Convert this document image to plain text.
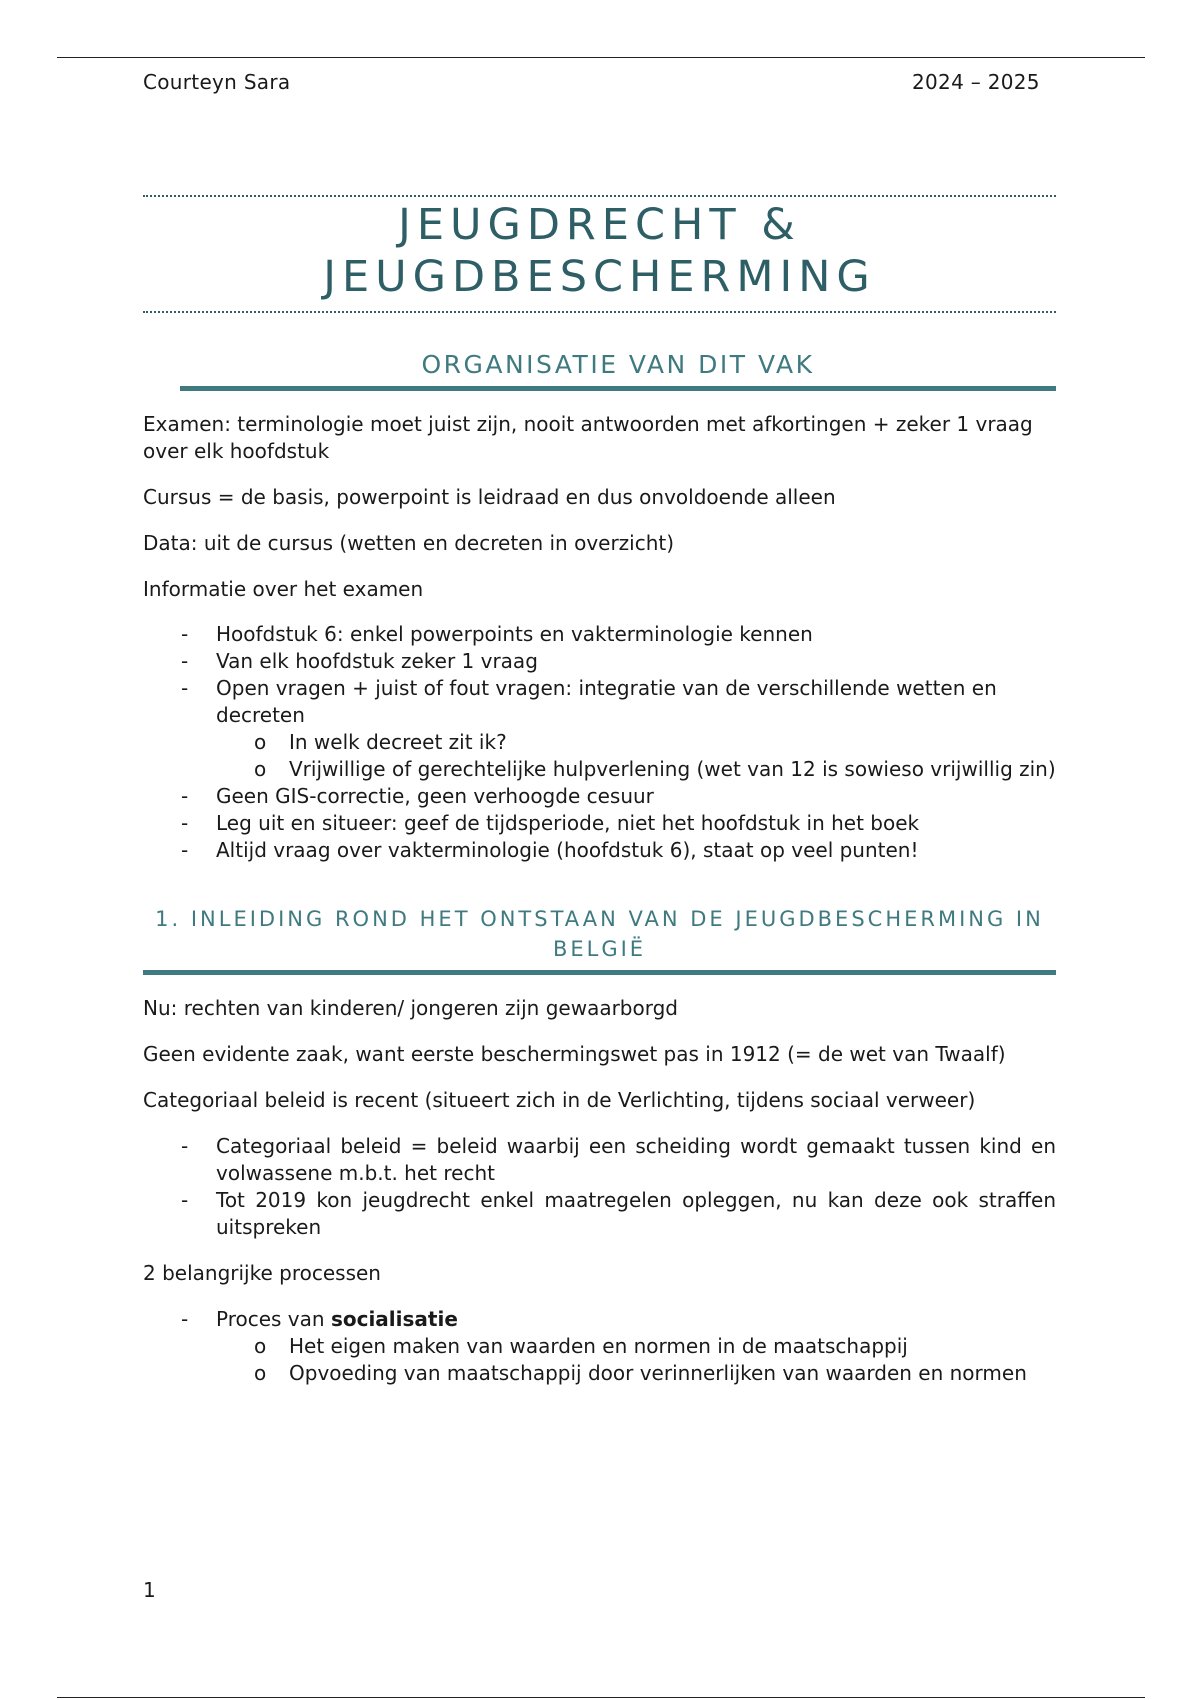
Courteyn Sara	2024 – 2025
JEUGDRECHT &
JEUGDBESCHERMING
ORGANISATIE VAN DIT VAK

Examen: terminologie moet juist zijn, nooit antwoorden met afkortingen + zeker 1 vraag over elk hoofdstuk

Cursus = de basis, powerpoint is leidraad en dus onvoldoende alleen

Data: uit de cursus (wetten en decreten in overzicht)

Informatie over het examen

- Hoofdstuk 6: enkel powerpoints en vakterminologie kennen
- Van elk hoofdstuk zeker 1 vraag
- Open vragen + juist of fout vragen: integratie van de verschillende wetten en decreten
o In welk decreet zit ik?
o Vrijwillige of gerechtelijke hulpverlening (wet van 12 is sowieso vrijwillig zin)
- Geen GIS-correctie, geen verhoogde cesuur
- Leg uit en situeer: geef de tijdsperiode, niet het hoofdstuk in het boek
- Altijd vraag over vakterminologie (hoofdstuk 6), staat op veel punten!
1. INLEIDING ROND HET ONTSTAAN VAN DE JEUGDBESCHERMING IN BELGIË

Nu: rechten van kinderen/ jongeren zijn gewaarborgd

Geen evidente zaak, want eerste beschermingswet pas in 1912 (= de wet van Twaalf)

Categoriaal beleid is recent (situeert zich in de Verlichting, tijdens sociaal verweer)

- Categoriaal beleid = beleid waarbij een scheiding wordt gemaakt tussen kind en volwassene m.b.t. het recht
- Tot 2019 kon jeugdrecht enkel maatregelen opleggen, nu kan deze ook straffen uitspreken

2 belangrijke processen

- Proces van socialisatie
o Het eigen maken van waarden en normen in de maatschappij
o Opvoeding van maatschappij door verinnerlijken van waarden en normen
1
